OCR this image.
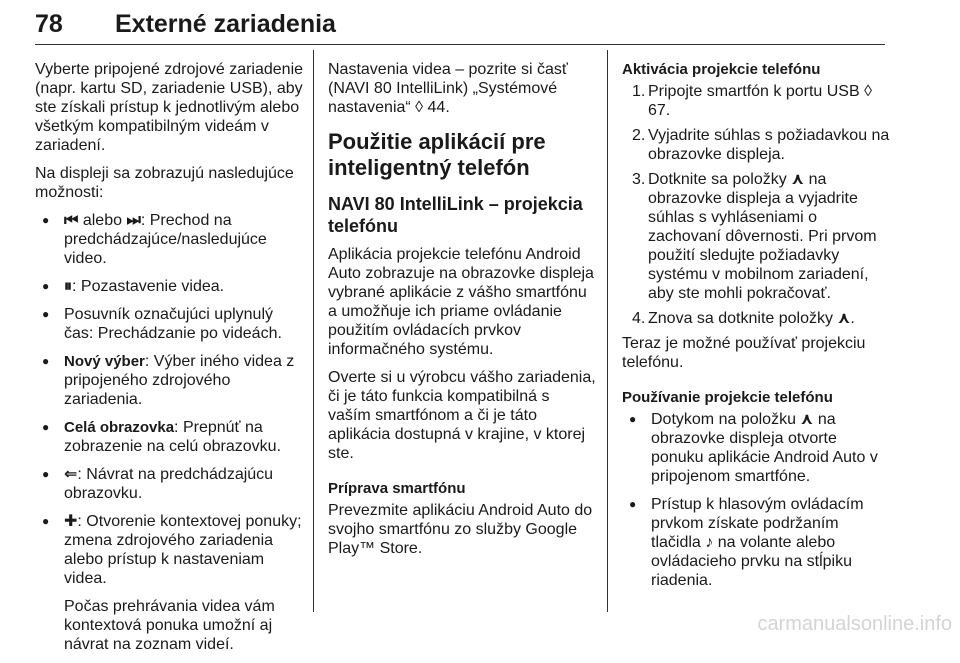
78 Externé zariadenia

Vyberte pripojené zdrojové zariadenie (napr. kartu SD, zariadenie USB), aby ste získali prístup k jednotlivým alebo všetkým kompatibilným videám v zariadení.

Na displeji sa zobrazujú nasledujúce možnosti:

● ⏮ alebo ⏭: Prechod na predchádzajúce/nasledujúce video.
● ⏸: Pozastavenie videa.
● Posuvník označujúci uplynulý čas: Prechádzanie po videách.
● Nový výber: Výber iného videa z pripojeného zdrojového zariadenia.
● Celá obrazovka: Prepnúť na zobrazenie na celú obrazovku.
● ⇐: Návrat na predchádzajúcu obrazovku.
● ✚: Otvorenie kontextovej ponuky; zmena zdrojového zariadenia alebo prístup k nastaveniam videa.

Počas prehrávania videa vám kontextová ponuka umožní aj návrat na zoznam videí.

Nastavenia videa – pozrite si časť (NAVI 80 IntelliLink) „Systémové nastavenia“ ◊ 44.

Použitie aplikácií pre inteligentný telefón
NAVI 80 IntelliLink – projekcia telefónu

Aplikácia projekcie telefónu Android Auto zobrazuje na obrazovke displeja vybrané aplikácie z vášho smartfónu a umožňuje ich priame ovládanie použitím ovládacích prvkov informačného systému.

Overte si u výrobcu vášho zariadenia, či je táto funkcia kompatibilná s vaším smartfónom a či je táto aplikácia dostupná v krajine, v ktorej ste.

Príprava smartfónu

Prevezmite aplikáciu Android Auto do svojho smartfónu zo služby Google Play™ Store.

Aktivácia projekcie telefónu

1. Pripojte smartfón k portu USB ◊ 67.
2. Vyjadrite súhlas s požiadavkou na obrazovke displeja.
3. Dotknite sa položky ⋏ na obrazovke displeja a vyjadrite súhlas s vyhláseniami o zachovaní dôvernosti. Pri prvom použití sledujte požiadavky systému v mobilnom zariadení, aby ste mohli pokračovať.
4. Znova sa dotknite položky ⋏.

Teraz je možné používať projekciu telefónu.

Používanie projekcie telefónu

● Dotykom na položku ⋏ na obrazovke displeja otvorte ponuku aplikácie Android Auto v pripojenom smartfóne.
● Prístup k hlasovým ovládacím prvkom získate podržaním tlačidla ♪ na volante alebo ovládacieho prvku na stĺpiku riadenia.
carmanualsonline.info
